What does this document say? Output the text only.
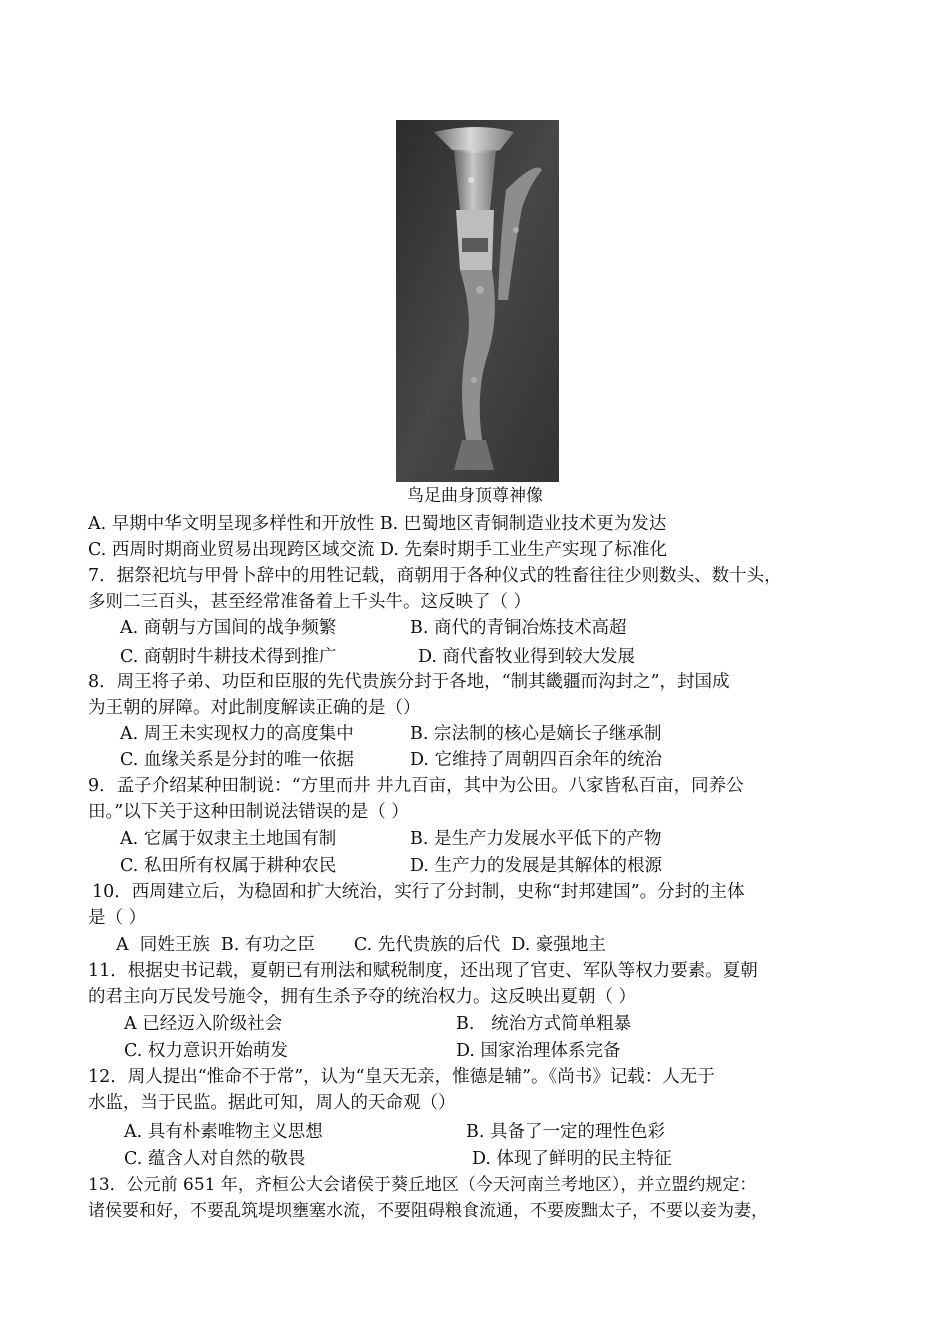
鸟足曲身顶尊神像
A. 早期中华文明呈现多样性和开放性 B. 巴蜀地区青铜制造业技术更为发达
C. 西周时期商业贸易出现跨区域交流 D. 先秦时期手工业生产实现了标准化
7．据祭祀坑与甲骨卜辞中的用牲记载，商朝用于各种仪式的牲畜往往少则数头、数十头，
多则二三百头，甚至经常准备着上千头牛。这反映了（ ）
A. 商朝与方国间的战争频繁	B. 商代的青铜冶炼技术高超
C. 商朝时牛耕技术得到推广	D. 商代畜牧业得到较大发展
8．周王将子弟、功臣和臣服的先代贵族分封于各地，“制其畿疆而沟封之”，封国成
为王朝的屏障。对此制度解读正确的是（）
A. 周王未实现权力的高度集中	B. 宗法制的核心是嫡长子继承制
C. 血缘关系是分封的唯一依据	D. 它维持了周朝四百余年的统治
9．孟子介绍某种田制说：“方里而井 井九百亩，其中为公田。八家皆私百亩，同养公
田。”以下关于这种田制说法错误的是（ ）
A. 它属于奴隶主土地国有制	B. 是生产力发展水平低下的产物
C. 私田所有权属于耕种农民	D. 生产力的发展是其解体的根源
10．西周建立后，为稳固和扩大统治，实行了分封制，史称“封邦建国”。分封的主体
是（ ）
A  同姓王族  B. 有功之臣       C. 先代贵族的后代  D. 豪强地主
11．根据史书记载，夏朝已有刑法和赋税制度，还出现了官吏、军队等权力要素。夏朝
的君主向万民发号施令，拥有生杀予夺的统治权力。这反映出夏朝（ ）
A 已经迈入阶级社会	B.   统治方式简单粗暴
C. 权力意识开始萌发	D. 国家治理体系完备
12．周人提出“惟命不于常”，认为“皇天无亲，惟德是辅”。《尚书》记载：人无于
水监，当于民监。据此可知，周人的天命观（）
A. 具有朴素唯物主义思想	B. 具备了一定的理性色彩
C. 蕴含人对自然的敬畏	D. 体现了鲜明的民主特征
13．公元前 651 年，齐桓公大会诸侯于葵丘地区（今天河南兰考地区），并立盟约规定：
诸侯要和好，不要乱筑堤坝壅塞水流，不要阻碍粮食流通，不要废黜太子，不要以妾为妻，
